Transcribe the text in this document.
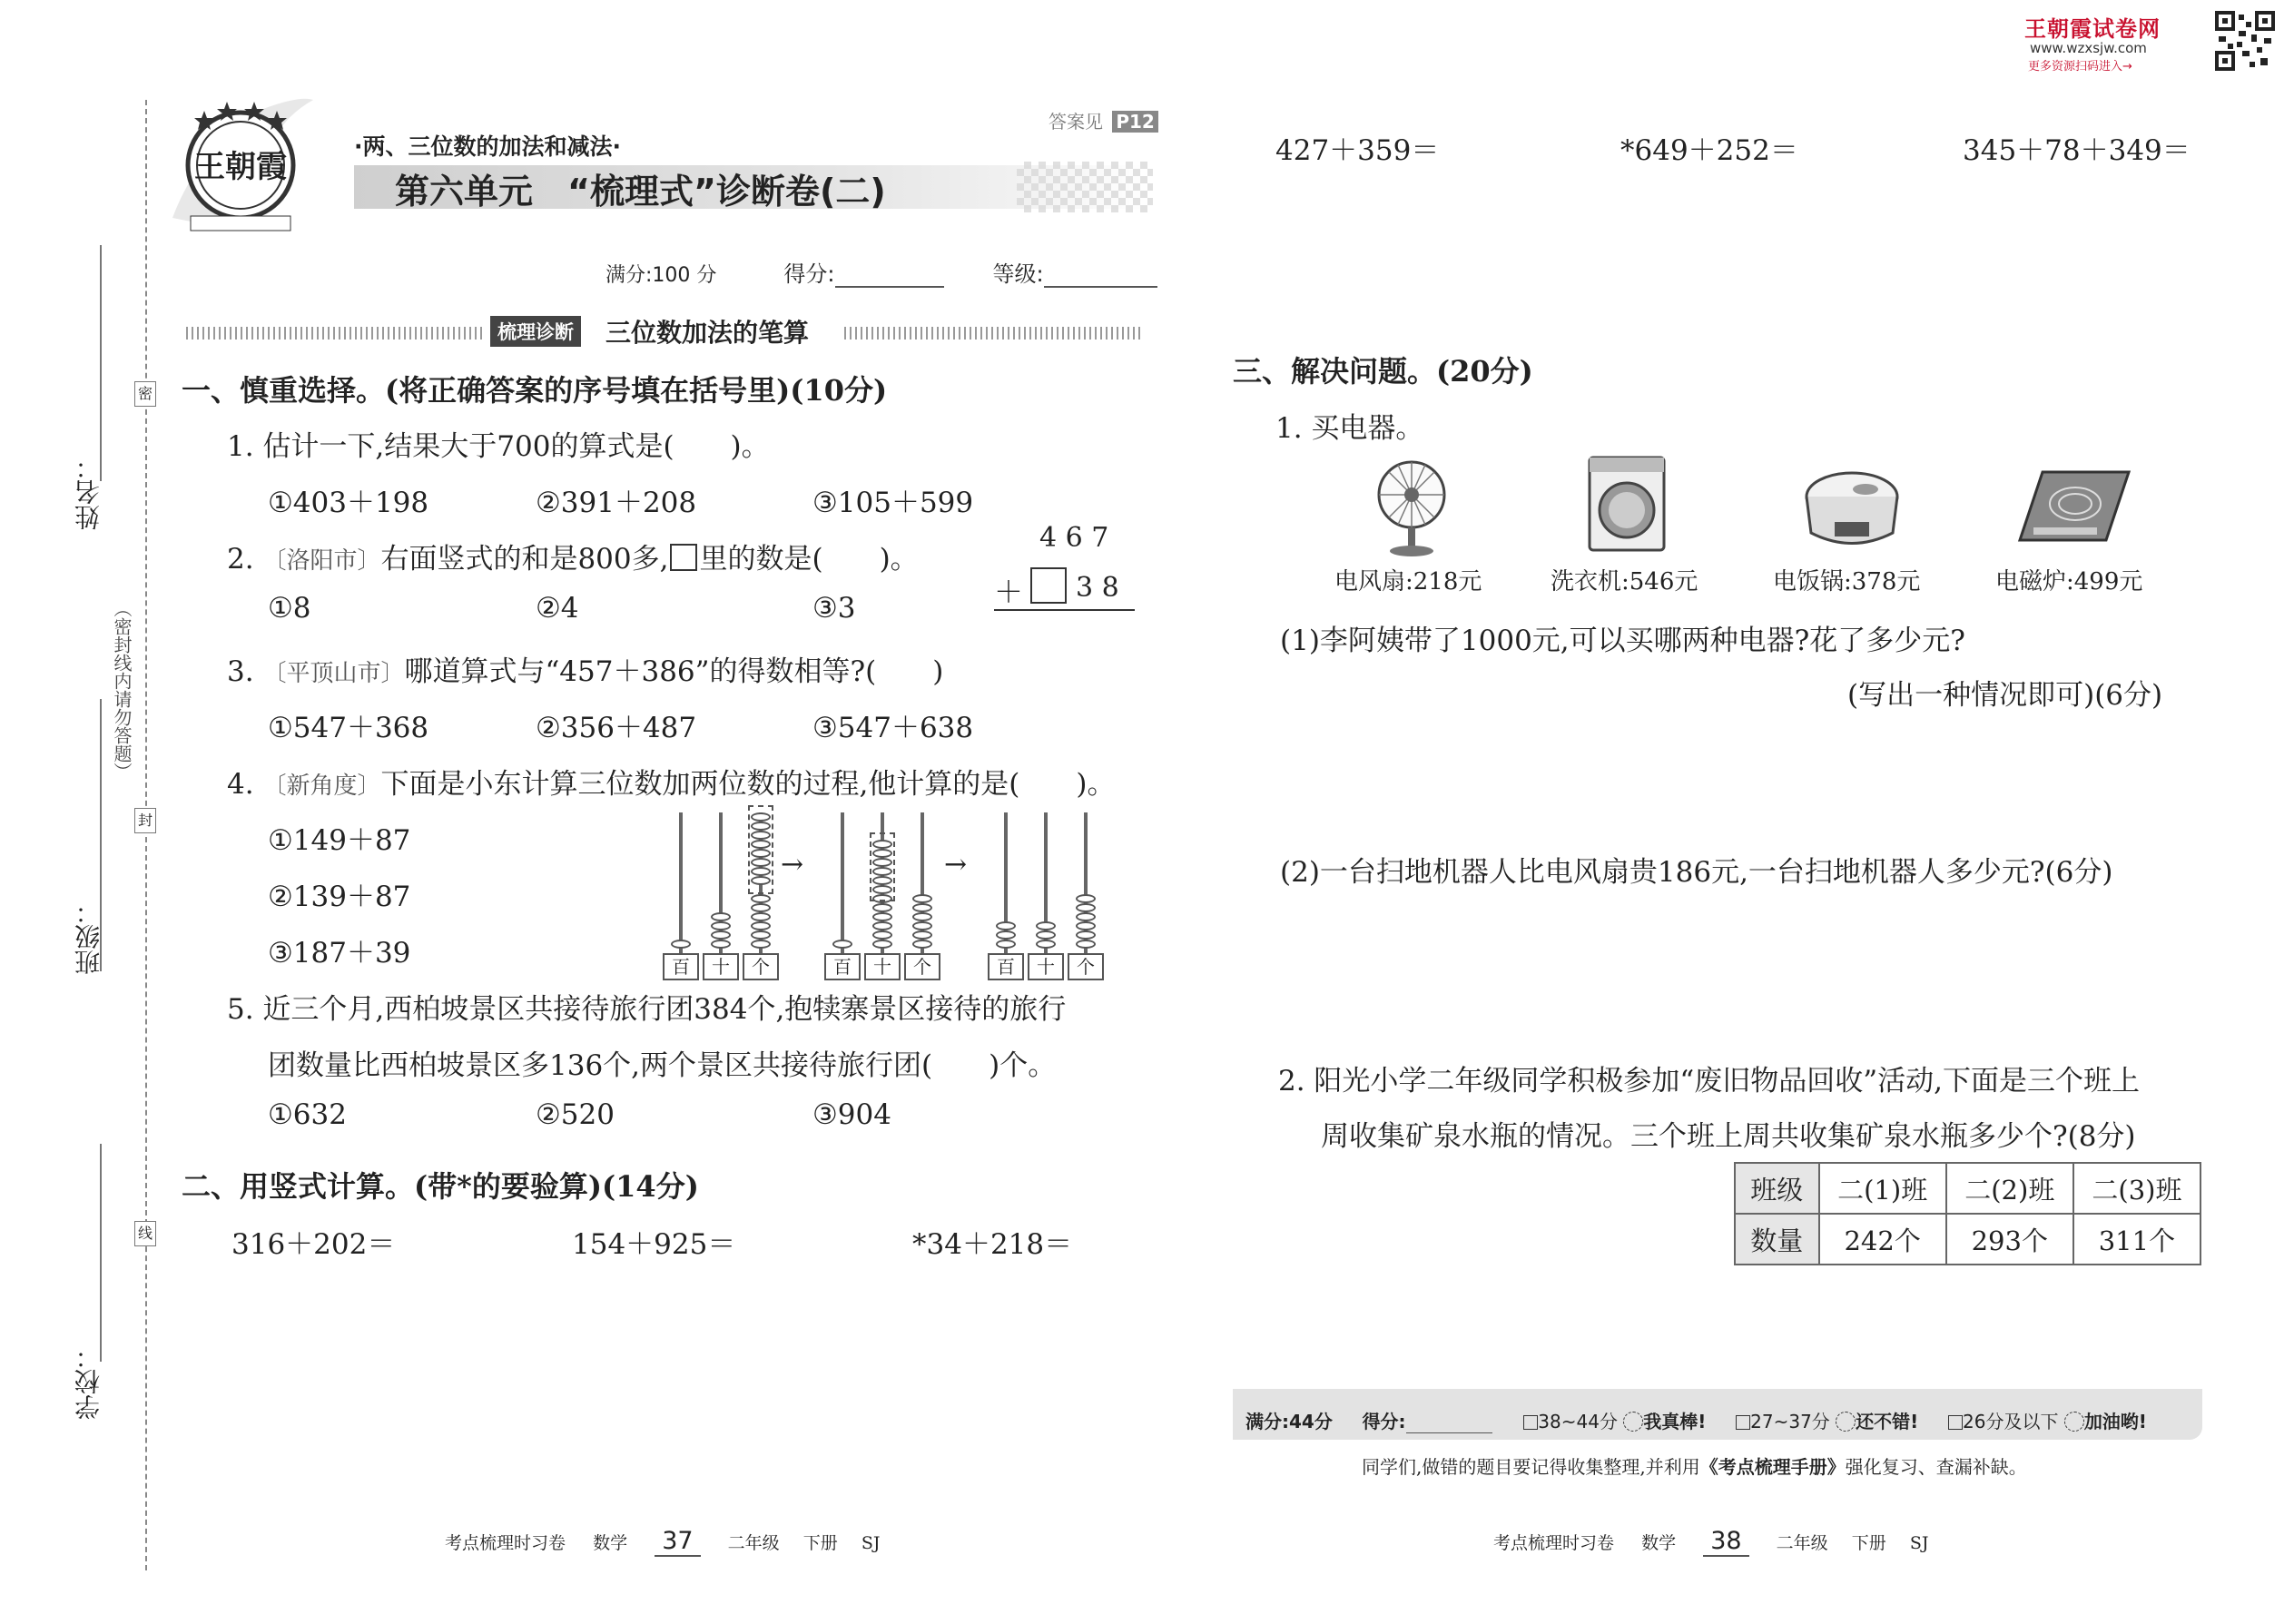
王朝霞试卷网
www.wzxsjw.com
更多资源扫码进入→
姓名：
班级：
学校：
（密封线内请勿答题）
密
封
线
王朝霞
答案见 P12
·两、三位数的加法和减法·
第六单元　“梳理式”诊断卷(二)
满分:100 分	得分:	等级:
梳理诊断 三位数加法的笔算
一、慎重选择。(将正确答案的序号填在括号里)(10分)
1. 估计一下,结果大于700的算式是(　　)。
①403＋198	②391＋208	③105＋599
2. 〔洛阳市〕右面竖式的和是800多, 里的数是(　　)。
①8	②4	③3
4 6 7
＋ 3 8
3. 〔平顶山市〕哪道算式与“457＋386”的得数相等?(　　)
①547＋368	②356＋487	③547＋638
4. 〔新角度〕下面是小东计算三位数加两位数的过程,他计算的是(　　)。
①149＋87
②139＋87
③187＋39	百	十	个
→
百	十	个
→
百	十	个
5. 近三个月,西柏坡景区共接待旅行团384个,抱犊寨景区接待的旅行
团数量比西柏坡景区多136个,两个景区共接待旅行团(　　)个。
①632	②520	③904
二、用竖式计算。(带*的要验算)(14分)
316＋202＝	154＋925＝	*34＋218＝
考点梳理时习卷 数学 37 二年级 下册 SJ
427＋359＝	*649＋252＝	345＋78＋349＝
三、解决问题。(20分)
1. 买电器。
电风扇:218元	洗衣机:546元	电饭锅:378元	电磁炉:499元
(1)李阿姨带了1000元,可以买哪两种电器?花了多少元?
(写出一种情况即可)(6分)
(2)一台扫地机器人比电风扇贵186元,一台扫地机器人多少元?(6分)
2. 阳光小学二年级同学积极参加“废旧物品回收”活动,下面是三个班上
周收集矿泉水瓶的情况。三个班上周共收集矿泉水瓶多少个?(8分)
班级	二(1)班	二(2)班	二(3)班
数量	242个	293个	311个
满分:44分 得分:	38~44分 我真棒! 27~37分 还不错! 26分及以下 加油哟!
同学们,做错的题目要记得收集整理,并利用《考点梳理手册》强化复习、查漏补缺。
考点梳理时习卷 数学 38 二年级 下册 SJ
